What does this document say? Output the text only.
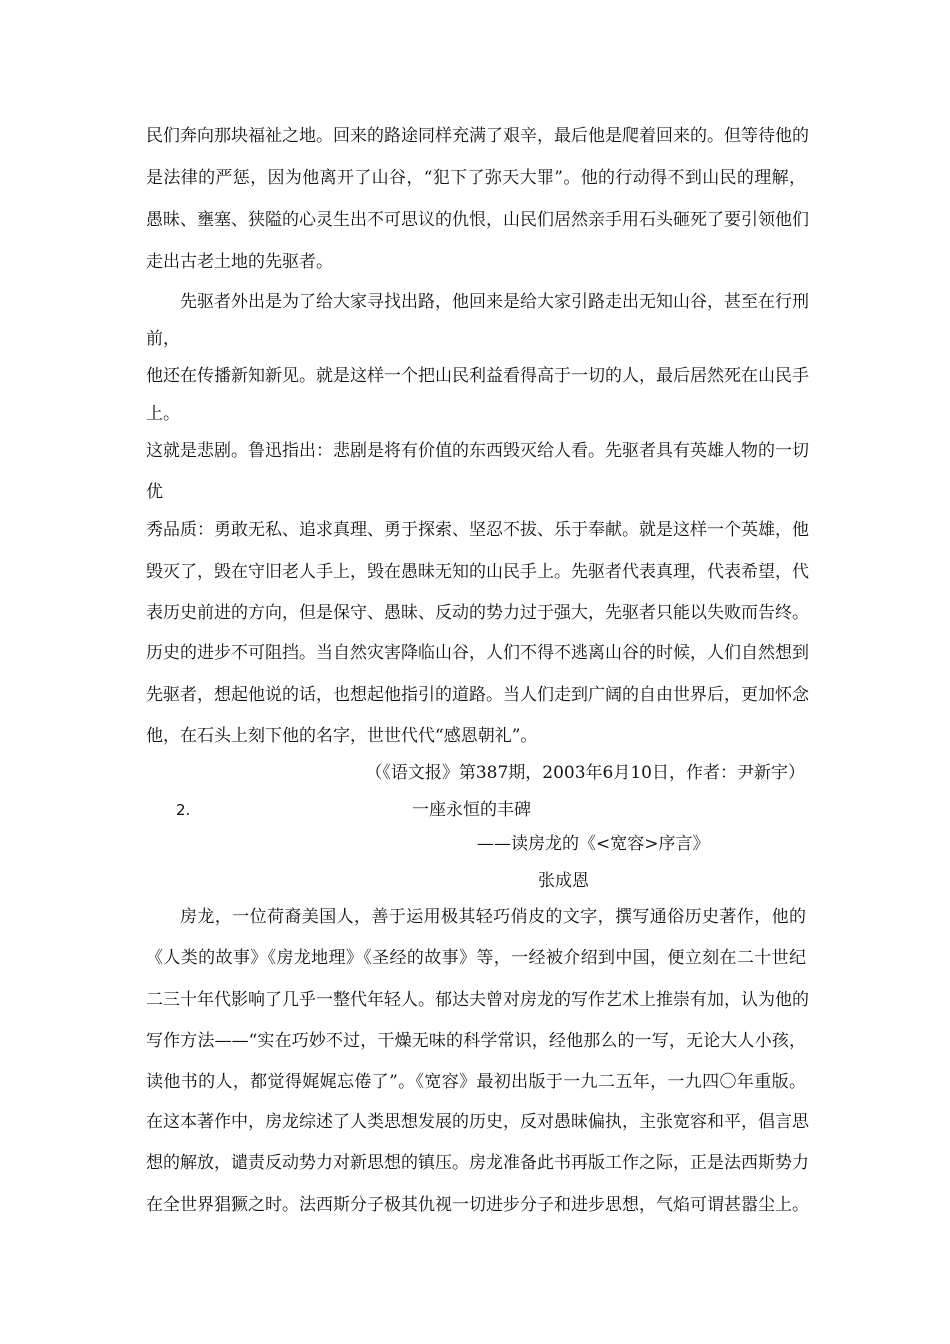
民们奔向那块福祉之地。回来的路途同样充满了艰辛，最后他是爬着回来的。但等待他的
是法律的严惩，因为他离开了山谷，“犯下了弥天大罪”。他的行动得不到山民的理解，
愚昧、壅塞、狭隘的心灵生出不可思议的仇恨，山民们居然亲手用石头砸死了要引领他们
走出古老土地的先驱者。
先驱者外出是为了给大家寻找出路，他回来是给大家引路走出无知山谷，甚至在行刑
前，
他还在传播新知新见。就是这样一个把山民利益看得高于一切的人，最后居然死在山民手
上。
这就是悲剧。鲁迅指出：悲剧是将有价值的东西毁灭给人看。先驱者具有英雄人物的一切
优
秀品质：勇敢无私、追求真理、勇于探索、坚忍不拔、乐于奉献。就是这样一个英雄，他
毁灭了，毁在守旧老人手上，毁在愚昧无知的山民手上。先驱者代表真理，代表希望，代
表历史前进的方向，但是保守、愚昧、反动的势力过于强大，先驱者只能以失败而告终。
历史的进步不可阻挡。当自然灾害降临山谷，人们不得不逃离山谷的时候，人们自然想到
先驱者，想起他说的话，也想起他指引的道路。当人们走到广阔的自由世界后，更加怀念
他，在石头上刻下他的名字，世世代代“感恩朝礼”。
（《语文报》第387期，2003年6月10日，作者：尹新宇）
2.	一座永恒的丰碑
——读房龙的《<宽容>序言》
张成恩
房龙，一位荷裔美国人，善于运用极其轻巧俏皮的文字，撰写通俗历史著作，他的
《人类的故事》《房龙地理》《圣经的故事》等，一经被介绍到中国，便立刻在二十世纪
二三十年代影响了几乎一整代年轻人。郁达夫曾对房龙的写作艺术上推崇有加，认为他的
写作方法——“实在巧妙不过，干燥无味的科学常识，经他那么的一写，无论大人小孩，
读他书的人，都觉得娓娓忘倦了”。《宽容》最初出版于一九二五年，一九四〇年重版。
在这本著作中，房龙综述了人类思想发展的历史，反对愚昧偏执，主张宽容和平，倡言思
想的解放，谴责反动势力对新思想的镇压。房龙准备此书再版工作之际，正是法西斯势力
在全世界猖獗之时。法西斯分子极其仇视一切进步分子和进步思想，气焰可谓甚嚣尘上。
